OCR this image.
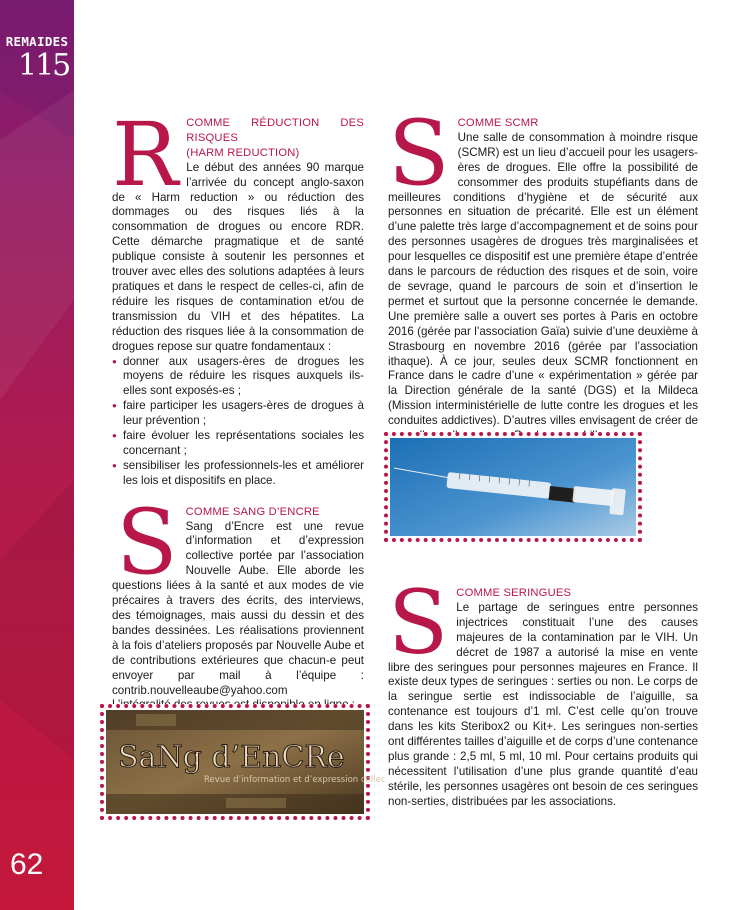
REMAIDES
115
62
R COMME RÉDUCTION DES RISQUES
(HARM REDUCTION)

Le début des années 90 marque l’arrivée du concept anglo-saxon de « Harm reduction » ou réduction des dommages ou des risques liés à la consommation de drogues ou encore RDR. Cette démarche pragmatique et de santé publique consiste à soutenir les personnes et trouver avec elles des solutions adaptées à leurs pratiques et dans le respect de celles-ci, afin de réduire les risques de contamination et/ou de transmission du VIH et des hépatites. La réduction des risques liée à la consommation de drogues repose sur quatre fondamentaux :

● donner aux usagers-ères de drogues les moyens de réduire les risques auxquels ils-elles sont exposés-es ;
● faire participer les usagers-ères de drogues à leur prévention ;
● faire évoluer les représentations sociales les concernant ;
● sensibiliser les professionnels-les et améliorer les lois et dispositifs en place.
S COMME SANG D’ENCRE

Sang d’Encre est une revue d’information et d’expression collective portée par l’association Nouvelle Aube. Elle aborde les questions liées à la santé et aux modes de vie précaires à travers des écrits, des interviews, des témoignages, mais aussi du dessin et des bandes dessinées. Les réalisations proviennent à la fois d’ateliers proposés par Nouvelle Aube et de contributions extérieures que chacun-e peut envoyer par mail à l’équipe : contrib.nouvelleaube@yahoo.com

SaNg d’EnCRe
Revue d’information et d’expression collec
S COMME SCMR

Une salle de consommation à moindre risque (SCMR) est un lieu d’accueil pour les usagers-ères de drogues. Elle offre la possibilité de consommer des produits stupéfiants dans de meilleures conditions d’hygiène et de sécurité aux personnes en situation de précarité. Elle est un élément d’une palette très large d’accompagnement et de soins pour des personnes usagères de drogues très marginalisées et pour lesquelles ce dispositif est une première étape d’entrée dans le parcours de réduction des risques et de soin, voire de sevrage, quand le parcours de soin et d’insertion le permet et surtout que la personne concernée le demande. Une première salle a ouvert ses portes à Paris en octobre 2016 (gérée par l’association Gaïa) suivie d’une deuxième à Strasbourg en novembre 2016 (gérée par l’association ithaque). À ce jour, seules deux SCMR fonctionnent en France dans le cadre d’une « expérimentation » gérée par la Direction générale de la santé (DGS) et la Mildeca (Mission interministérielle de lutte contre les drogues et les conduites addictives). D’autres villes envisagent de créer de

S COMME SERINGUES

Le partage de seringues entre personnes injectrices constituait l’une des causes majeures de la contamination par le VIH. Un décret de 1987 a autorisé la mise en vente libre des seringues pour personnes majeures en France. Il existe deux types de seringues : serties ou non. Le corps de la seringue sertie est indissociable de l’aiguille, sa contenance est toujours d’1 ml. C’est celle qu’on trouve dans les kits Steribox2 ou Kit+. Les seringues non-serties ont différentes tailles d’aiguille et de corps d’une contenance plus grande : 2,5 ml, 5 ml, 10 ml. Pour certains produits qui nécessitent l’utilisation d’une plus grande quantité d’eau stérile, les personnes usagères ont besoin de ces seringues non-serties, distribuées par les associations.
